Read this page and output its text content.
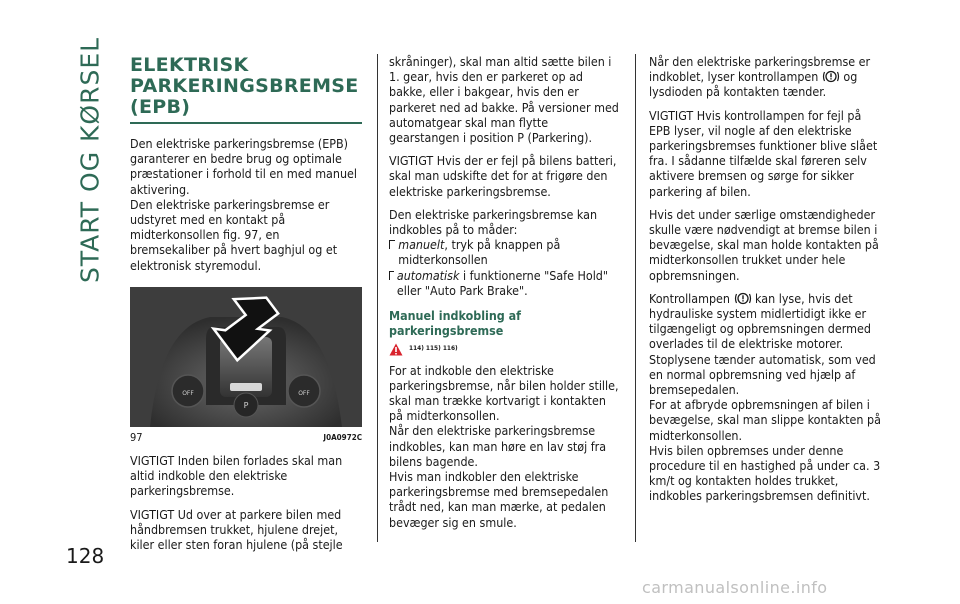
START OG KØRSEL ELEKTRISK PARKERINGSBREMSE (EPB)

Den elektriske parkeringsbremse (EPB) garanterer en bedre brug og optimale præstationer i forhold til en med manuel aktivering.

Den elektriske parkeringsbremse er udstyret med en kontakt på midterkonsollen fig. 97, en bremsekaliber på hvert baghjul og et elektronisk styremodul.

OFF
P
OFF
97	J0A0972C

VIGTIGT Inden bilen forlades skal man altid indkoble den elektriske parkeringsbremse.

VIGTIGT Ud over at parkere bilen med håndbremsen trukket, hjulene drejet, kiler eller sten foran hjulene (på stejle

skråninger), skal man altid sætte bilen i 1. gear, hvis den er parkeret op ad bakke, eller i bakgear, hvis den er parkeret ned ad bakke. På versioner med automatgear skal man flytte gearstangen i position P (Parkering).

VIGTIGT Hvis der er fejl på bilens batteri, skal man udskifte det for at frigøre den elektriske parkeringsbremse.

Den elektriske parkeringsbremse kan indkobles på to måder:

manuelt, tryk på knappen på midterkonsollen
automatisk i funktionerne "Safe Hold" eller "Auto Park Brake".
Manuel indkobling af parkeringsbremse
114) 115) 116)

For at indkoble den elektriske parkeringsbremse, når bilen holder stille, skal man trække kortvarigt i kontakten på midterkonsollen.

Når den elektriske parkeringsbremse indkobles, kan man høre en lav støj fra bilens bagende.

Hvis man indkobler den elektriske parkeringsbremse med bremsepedalen trådt ned, kan man mærke, at pedalen bevæger sig en smule.

Når den elektriske parkeringsbremse er indkoblet, lyser kontrollampen  og lysdioden på kontakten tænder.

VIGTIGT Hvis kontrollampen for fejl på EPB lyser, vil nogle af den elektriske parkeringsbremses funktioner blive slået fra. I sådanne tilfælde skal føreren selv aktivere bremsen og sørge for sikker parkering af bilen.

Hvis det under særlige omstændigheder skulle være nødvendigt at bremse bilen i bevægelse, skal man holde kontakten på midterkonsollen trukket under hele opbremsningen.

Kontrollampen  kan lyse, hvis det hydrauliske system midlertidigt ikke er tilgængeligt og opbremsningen dermed overlades til de elektriske motorer.

Stoplysene tænder automatisk, som ved en normal opbremsning ved hjælp af bremsepedalen.

For at afbryde opbremsningen af bilen i bevægelse, skal man slippe kontakten på midterkonsollen.

Hvis bilen opbremses under denne procedure til en hastighed på under ca. 3 km/t og kontakten holdes trukket, indkobles parkeringsbremsen definitivt.

128
carmanualsonline.info
